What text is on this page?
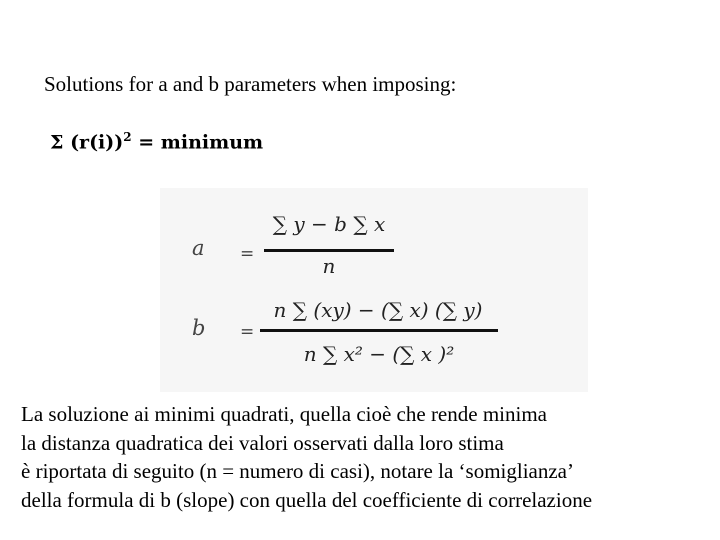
Solutions for a and b parameters when imposing:
Σ $(r(i))^2$ = minimum
a =
∑ y − b ∑ x
n
b =
n ∑ (xy) − (∑ x) (∑ y)
n ∑ x² − (∑ x )²
La soluzione ai minimi quadrati, quella cioè che rende minima
la distanza quadratica dei valori osservati dalla loro stima
è riportata di seguito (n = numero di casi), notare la ‘somiglianza’
della formula di b (slope) con quella del coefficiente di correlazione
